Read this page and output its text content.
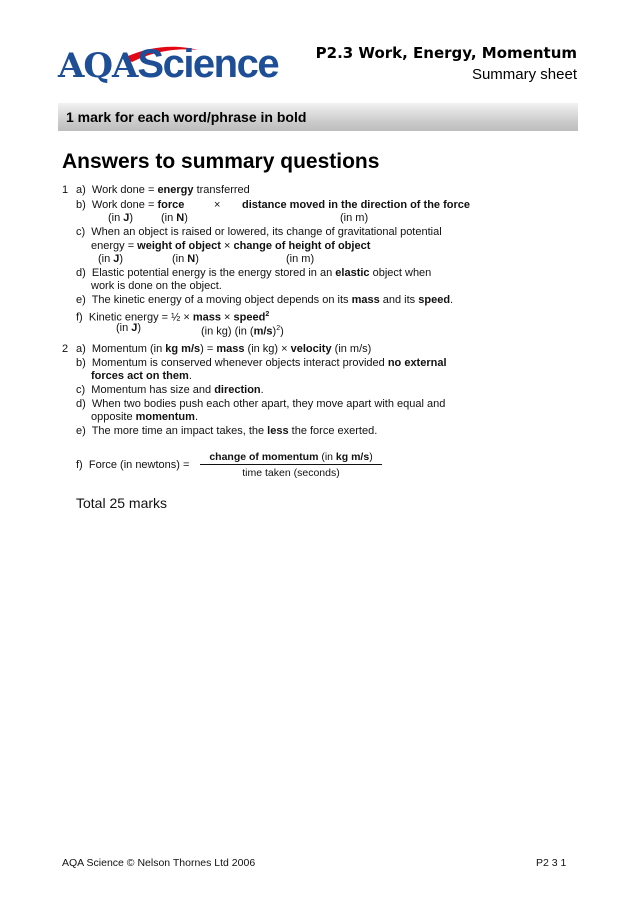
AQAScience	P2.3 Work, Energy, Momentum
Summary sheet
1 mark for each word/phrase in bold
Answers to summary questions
1 a) Work done = energy transferred
b) Work done = force	× distance moved in the direction of the force
(in J)	(in N)	(in m)
c) When an object is raised or lowered, its change of gravitational potential
energy = weight of object × change of height of object
(in J)	(in N)	(in m)
d) Elastic potential energy is the energy stored in an elastic object when
work is done on the object.
e) The kinetic energy of a moving object depends on its mass and its speed.
f) Kinetic energy = ½ × mass × speed$^2$
(in J)	(in kg) (in $(m/s)^2$)
2 a) Momentum (in kg m/s) = mass (in kg) × velocity (in m/s)
b) Momentum is conserved whenever objects interact provided no external
forces act on them.
c) Momentum has size and direction.
d) When two bodies push each other apart, they move apart with equal and
opposite momentum.
e) The more time an impact takes, the less the force exerted.
f) Force (in newtons) =
change of momentum (in kg m/s)
time taken (seconds)
Total 25 marks
AQA Science © Nelson Thornes Ltd 2006	P2 3 1
